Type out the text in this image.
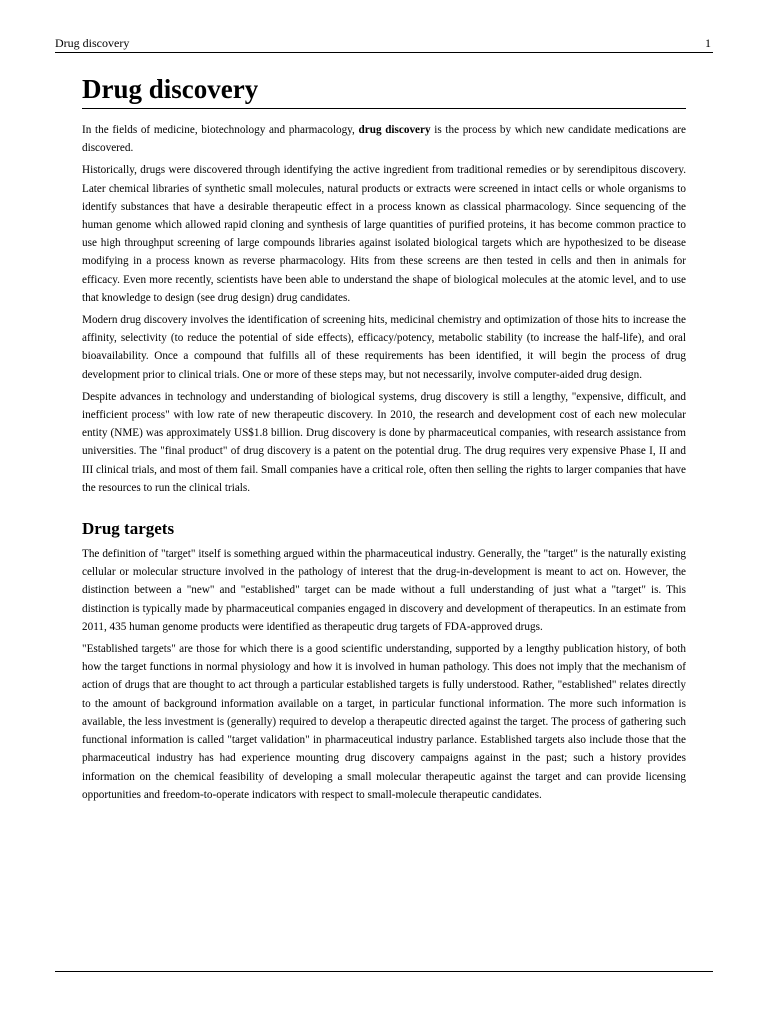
Drug discovery	1
Drug discovery

In the fields of medicine, biotechnology and pharmacology, drug discovery is the process by which new candidate medications are discovered.

Historically, drugs were discovered through identifying the active ingredient from traditional remedies or by serendipitous discovery. Later chemical libraries of synthetic small molecules, natural products or extracts were screened in intact cells or whole organisms to identify substances that have a desirable therapeutic effect in a process known as classical pharmacology. Since sequencing of the human genome which allowed rapid cloning and synthesis of large quantities of purified proteins, it has become common practice to use high throughput screening of large compounds libraries against isolated biological targets which are hypothesized to be disease modifying in a process known as reverse pharmacology. Hits from these screens are then tested in cells and then in animals for efficacy. Even more recently, scientists have been able to understand the shape of biological molecules at the atomic level, and to use that knowledge to design (see drug design) drug candidates.

Modern drug discovery involves the identification of screening hits, medicinal chemistry and optimization of those hits to increase the affinity, selectivity (to reduce the potential of side effects), efficacy/potency, metabolic stability (to increase the half-life), and oral bioavailability. Once a compound that fulfills all of these requirements has been identified, it will begin the process of drug development prior to clinical trials. One or more of these steps may, but not necessarily, involve computer-aided drug design.

Despite advances in technology and understanding of biological systems, drug discovery is still a lengthy, "expensive, difficult, and inefficient process" with low rate of new therapeutic discovery. In 2010, the research and development cost of each new molecular entity (NME) was approximately US$1.8 billion. Drug discovery is done by pharmaceutical companies, with research assistance from universities. The "final product" of drug discovery is a patent on the potential drug. The drug requires very expensive Phase I, II and III clinical trials, and most of them fail. Small companies have a critical role, often then selling the rights to larger companies that have the resources to run the clinical trials.

Drug targets

The definition of "target" itself is something argued within the pharmaceutical industry. Generally, the "target" is the naturally existing cellular or molecular structure involved in the pathology of interest that the drug-in-development is meant to act on. However, the distinction between a "new" and "established" target can be made without a full understanding of just what a "target" is. This distinction is typically made by pharmaceutical companies engaged in discovery and development of therapeutics. In an estimate from 2011, 435 human genome products were identified as therapeutic drug targets of FDA-approved drugs.

"Established targets" are those for which there is a good scientific understanding, supported by a lengthy publication history, of both how the target functions in normal physiology and how it is involved in human pathology. This does not imply that the mechanism of action of drugs that are thought to act through a particular established targets is fully understood. Rather, "established" relates directly to the amount of background information available on a target, in particular functional information. The more such information is available, the less investment is (generally) required to develop a therapeutic directed against the target. The process of gathering such functional information is called "target validation" in pharmaceutical industry parlance. Established targets also include those that the pharmaceutical industry has had experience mounting drug discovery campaigns against in the past; such a history provides information on the chemical feasibility of developing a small molecular therapeutic against the target and can provide licensing opportunities and freedom-to-operate indicators with respect to small-molecule therapeutic candidates.
